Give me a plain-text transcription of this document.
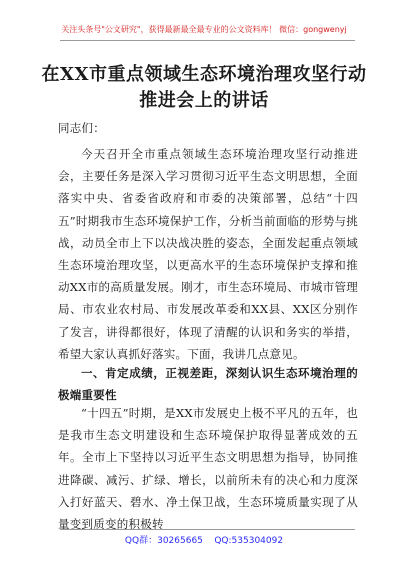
关注头条号"公文研究"，获得最新最全最专业的公文资料库！ 微信：gongwenyj
在XX市重点领域生态环境治理攻坚行动
推进会上的讲话
同志们：
今天召开全市重点领域生态环境治理攻坚行动推进会，主要任务是深入学习贯彻习近平生态文明思想，全面落实中央、省委省政府和市委的决策部署，总结“十四五”时期我市生态环境保护工作，分析当前面临的形势与挑战，动员全市上下以决战决胜的姿态，全面发起重点领域生态环境治理攻坚，以更高水平的生态环境保护支撑和推动XX市的高质量发展。刚才，市生态环境局、市城市管理局、市农业农村局、市发展改革委和XX县、XX区分别作了发言，讲得都很好，体现了清醒的认识和务实的举措，希望大家认真抓好落实。下面，我讲几点意见。
一、肯定成绩，正视差距，深刻认识生态环境治理的极端重要性
“十四五”时期，是XX市发展史上极不平凡的五年，也是我市生态文明建设和生态环境保护取得显著成效的五年。全市上下坚持以习近平生态文明思想为指导，协同推进降碳、减污、扩绿、增长，以前所未有的决心和力度深入打好蓝天、碧水、净土保卫战，生态环境质量实现了从量变到质变的积极转
QQ群：30265665    QQ:535304092
